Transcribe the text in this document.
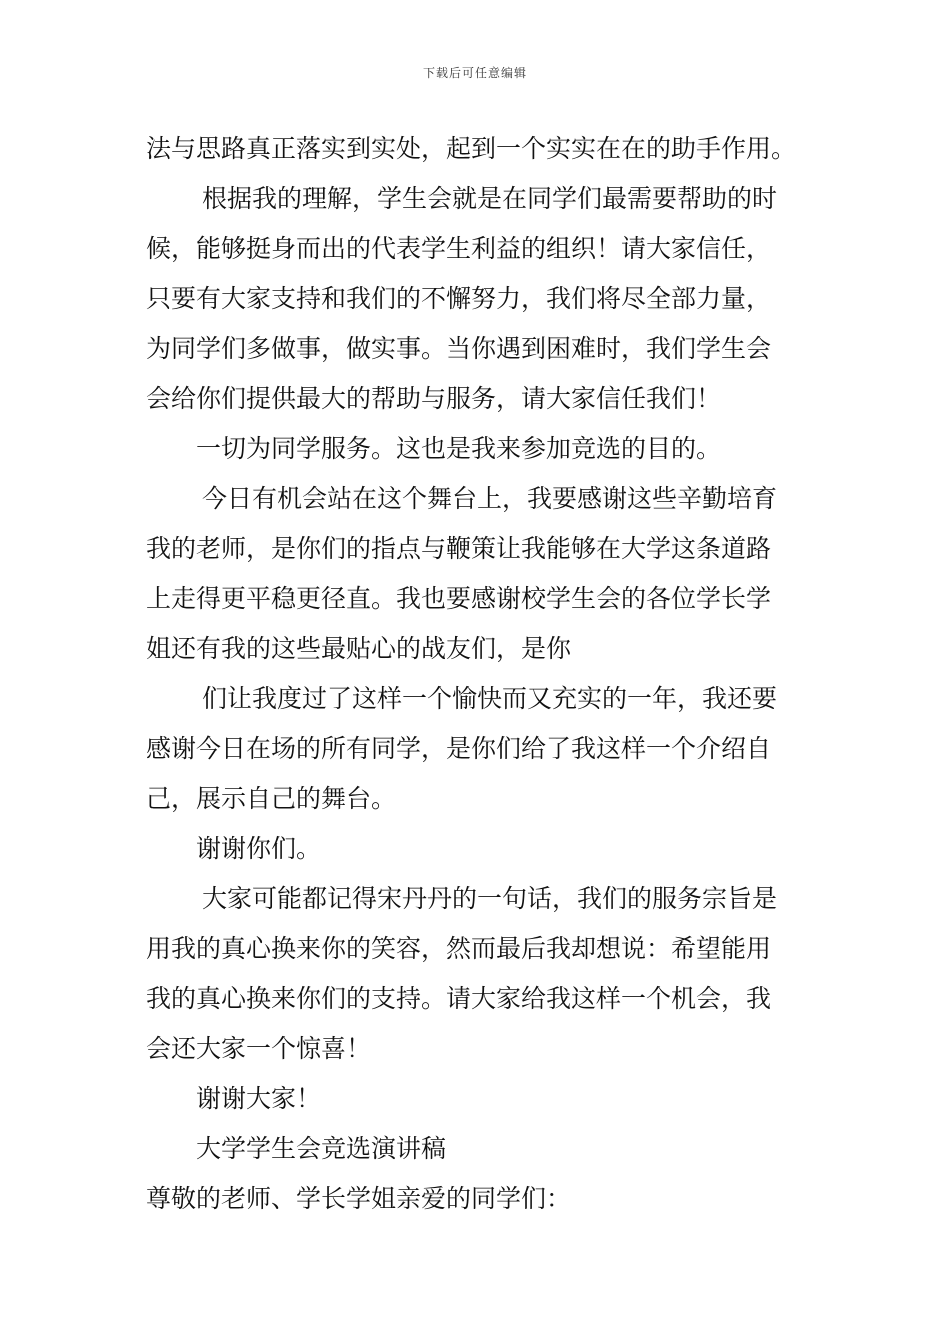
下载后可任意编辑
法与思路真正落实到实处，起到一个实实在在的助手作用。
根据我的理解，学生会就是在同学们最需要帮助的时
候，能够挺身而出的代表学生利益的组织！请大家信任，
只要有大家支持和我们的不懈努力，我们将尽全部力量，
为同学们多做事，做实事。当你遇到困难时，我们学生会
会给你们提供最大的帮助与服务，请大家信任我们！
一切为同学服务。这也是我来参加竞选的目的。
今日有机会站在这个舞台上，我要感谢这些辛勤培育
我的老师，是你们的指点与鞭策让我能够在大学这条道路
上走得更平稳更径直。我也要感谢校学生会的各位学长学
姐还有我的这些最贴心的战友们，是你
们让我度过了这样一个愉快而又充实的一年，我还要
感谢今日在场的所有同学，是你们给了我这样一个介绍自
己，展示自己的舞台。
谢谢你们。
大家可能都记得宋丹丹的一句话，我们的服务宗旨是
用我的真心换来你的笑容，然而最后我却想说：希望能用
我的真心换来你们的支持。请大家给我这样一个机会，我
会还大家一个惊喜！
谢谢大家！
大学学生会竞选演讲稿
尊敬的老师、学长学姐亲爱的同学们：
